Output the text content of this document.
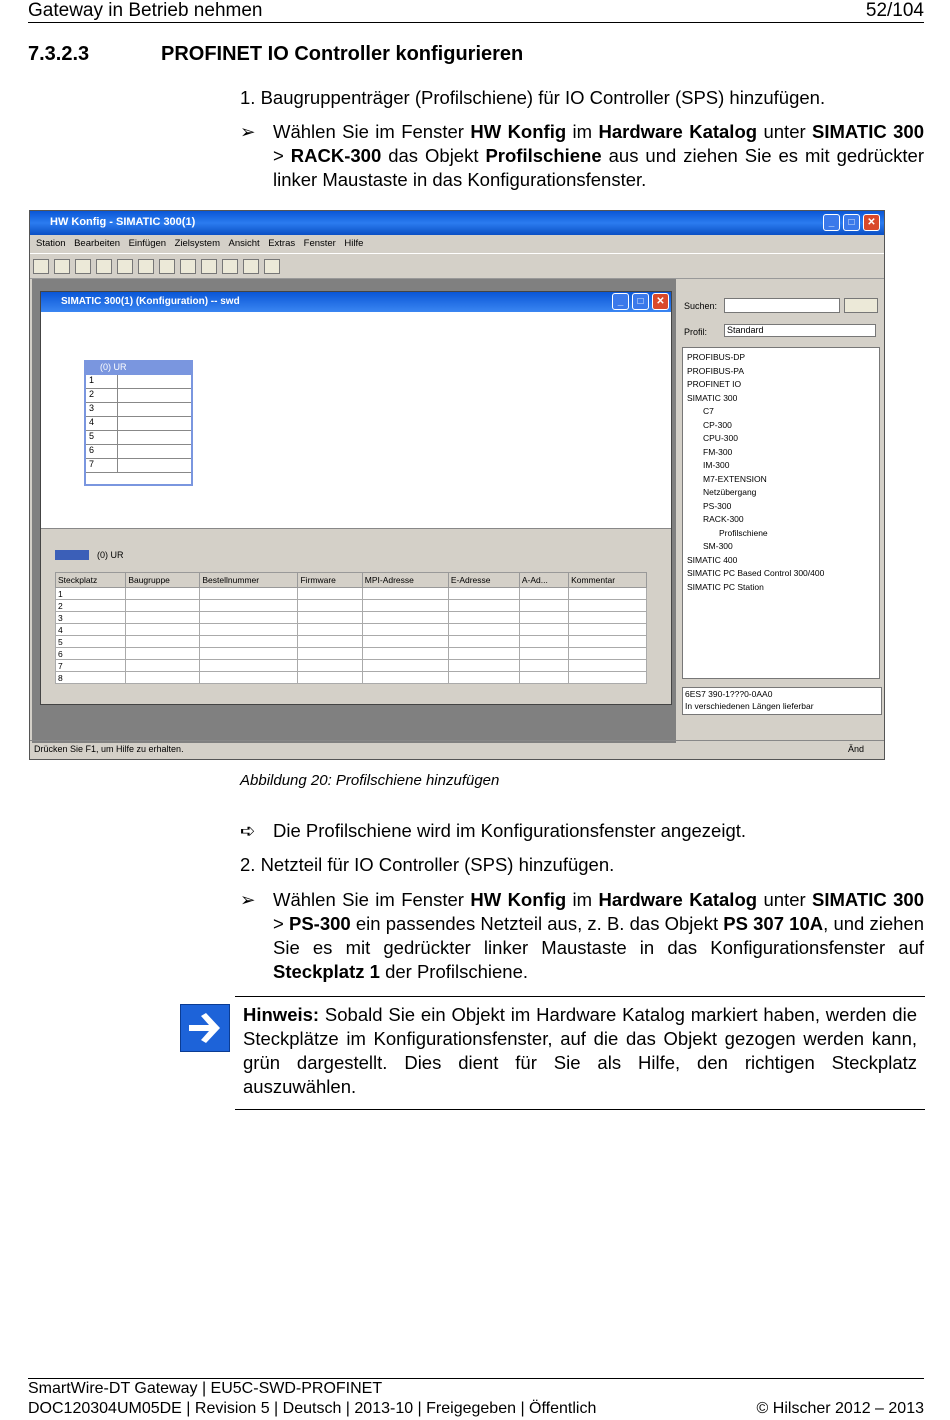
Gateway in Betrieb nehmen	52/104
7.3.2.3	PROFINET IO Controller konfigurieren
1. Baugruppenträger (Profilschiene) für IO Controller (SPS) hinzufügen.
➢ Wählen Sie im Fenster HW Konfig im Hardware Katalog unter SIMATIC 300 > RACK-300 das Objekt Profilschiene aus und ziehen Sie es mit gedrückter linker Maustaste in das Konfigurationsfenster.
HW Konfig - SIMATIC 300(1)	_	□	✕
Station Bearbeiten Einfügen Zielsystem Ansicht Extras Fenster Hilfe
SIMATIC 300(1) (Konfiguration) -- swd	_	□	✕
(0) UR
1
2
3
4
5
6
7
(0) UR
Steckplatz	Baugruppe	Bestellnummer	Firmware	MPI-Adresse	E-Adresse	A-Ad...	Kommentar
1							
2							
3							
4							
5							
6							
7							
8							
Suchen:
Profil:	Standard
PROFIBUS-DP
PROFIBUS-PA
PROFINET IO
SIMATIC 300
C7
CP-300
CPU-300
FM-300
IM-300
M7-EXTENSION
Netzübergang
PS-300
RACK-300
Profilschiene
SM-300
SIMATIC 400
SIMATIC PC Based Control 300/400
SIMATIC PC Station
6ES7 390-1???0-0AA0
In verschiedenen Längen lieferbar
Drücken Sie F1, um Hilfe zu erhalten.	Änd
Abbildung 20: Profilschiene hinzufügen
➪ Die Profilschiene wird im Konfigurationsfenster angezeigt.
2. Netzteil für IO Controller (SPS) hinzufügen.
➢ Wählen Sie im Fenster HW Konfig im Hardware Katalog unter SIMATIC 300 > PS-300 ein passendes Netzteil aus, z. B. das Objekt PS 307 10A, und ziehen Sie es mit gedrückter linker Maustaste in das Konfigurationsfenster auf Steckplatz 1 der Profilschiene.
Hinweis: Sobald Sie ein Objekt im Hardware Katalog markiert haben, werden die Steckplätze im Konfigurationsfenster, auf die das Objekt gezogen werden kann, grün dargestellt. Dies dient für Sie als Hilfe, den richtigen Steckplatz auszuwählen.
SmartWire-DT Gateway | EU5C-SWD-PROFINET
DOC120304UM05DE | Revision 5 | Deutsch | 2013-10 | Freigegeben | Öffentlich	© Hilscher 2012 – 2013
